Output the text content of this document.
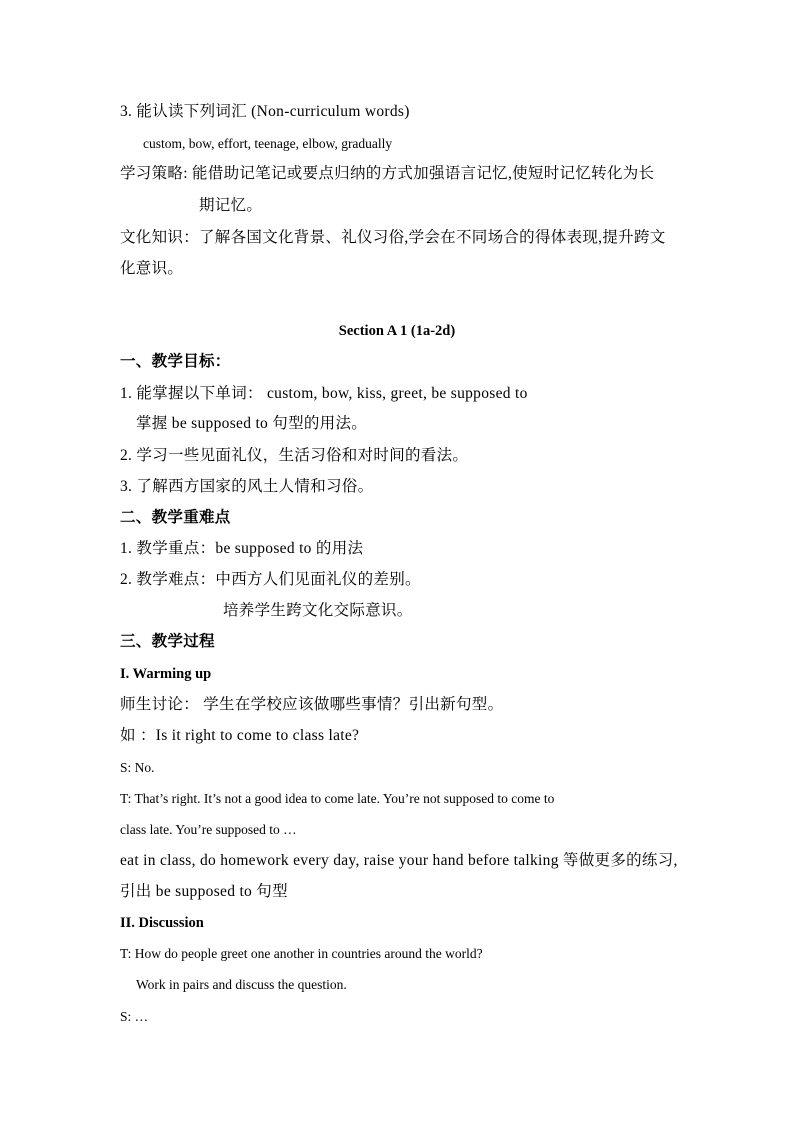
3. 能认读下列词汇 (Non-curriculum words)
custom, bow, effort, teenage, elbow, gradually
学习策略: 能借助记笔记或要点归纳的方式加强语言记忆,使短时记忆转化为长
期记忆。
文化知识：了解各国文化背景、礼仪习俗,学会在不同场合的得体表现,提升跨文
化意识。
Section A 1 (1a-2d)
一、教学目标：
1. 能掌握以下单词： custom, bow, kiss, greet, be supposed to
掌握 be supposed to 句型的用法。
2. 学习一些见面礼仪，生活习俗和对时间的看法。
3. 了解西方国家的风土人情和习俗。
二、教学重难点
1. 教学重点：be supposed to 的用法
2. 教学难点：中西方人们见面礼仪的差别。
培养学生跨文化交际意识。
三、教学过程
I. Warming up
师生讨论： 学生在学校应该做哪些事情？引出新句型。
如 ：Is it right to come to class late?
S: No.
T: That’s right. It’s not a good idea to come late. You’re not supposed to come to
class late. You’re supposed to …
eat in class, do homework every day, raise your hand before talking 等做更多的练习,
引出 be supposed to 句型
II. Discussion
T: How do people greet one another in countries around the world?
Work in pairs and discuss the question.
S: …
